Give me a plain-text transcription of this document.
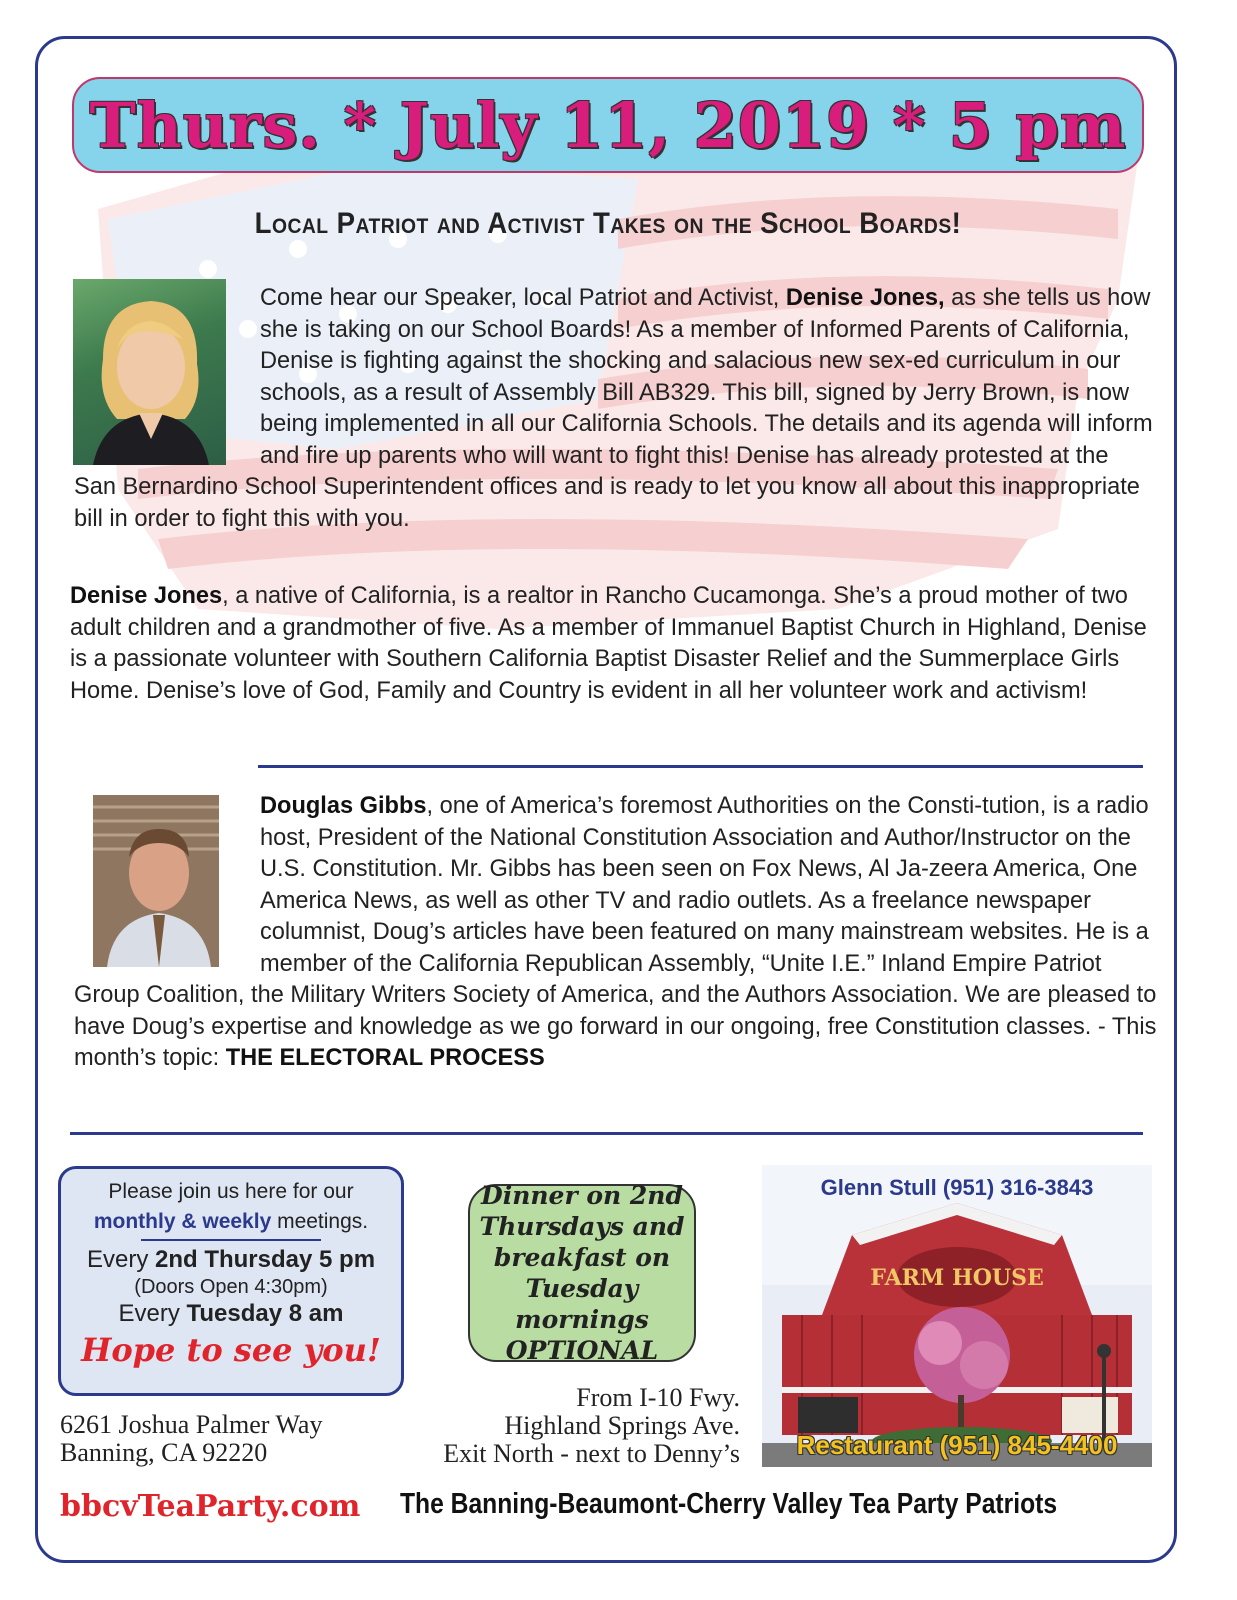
Thurs. * July 11, 2019 * 5 pm
Local Patriot and Activist Takes on the School Boards!
Come hear our Speaker, local Patriot and Activist, Denise Jones, as she tells us how she is taking on our School Boards! As a member of Informed Parents of California, Denise is fighting against the shocking and salacious new sex-ed curriculum in our schools, as a result of Assembly Bill AB329. This bill, signed by Jerry Brown, is now being implemented in all our California Schools. The details and its agenda will inform and fire up parents who will want to fight this! Denise has already protested at the San Bernardino School Superintendent offices and is ready to let you know all about this inappropriate bill in order to fight this with you.
Denise Jones, a native of California, is a realtor in Rancho Cucamonga. She’s a proud mother of two adult children and a grandmother of five. As a member of Immanuel Baptist Church in Highland, Denise is a passionate volunteer with Southern California Baptist Disaster Relief and the Summerplace Girls Home. Denise’s love of God, Family and Country is evident in all her volunteer work and activism!
Douglas Gibbs, one of America’s foremost Authorities on the Consti-tution, is a radio host, President of the National Constitution Association and Author/Instructor on the U.S. Constitution. Mr. Gibbs has been seen on Fox News, Al Ja-zeera America, One America News, as well as other TV and radio outlets. As a freelance newspaper columnist, Doug’s articles have been featured on many mainstream websites. He is a member of the California Republican Assembly, “Unite I.E.” Inland Empire Patriot Group Coalition, the Military Writers Society of America, and the Authors Association. We are pleased to have Doug’s expertise and knowledge as we go forward in our ongoing, free Constitution classes. - This month’s topic: THE ELECTORAL PROCESS
Please join us here for our
monthly & weekly meetings.
Every 2nd Thursday 5 pm
(Doors Open 4:30pm)
Every Tuesday 8 am
Hope to see you!
Dinner on 2nd
Thursdays and
breakfast on
Tuesday mornings
OPTIONAL
6261 Joshua Palmer Way
Banning, CA 92220
From I-10 Fwy.
Highland Springs Ave.
Exit North - next to Denny’s
FARM HOUSE
Glenn Stull (951) 316-3843
Restaurant (951) 845-4400
bbcvTeaParty.com The Banning-Beaumont-Cherry Valley Tea Party Patriots
